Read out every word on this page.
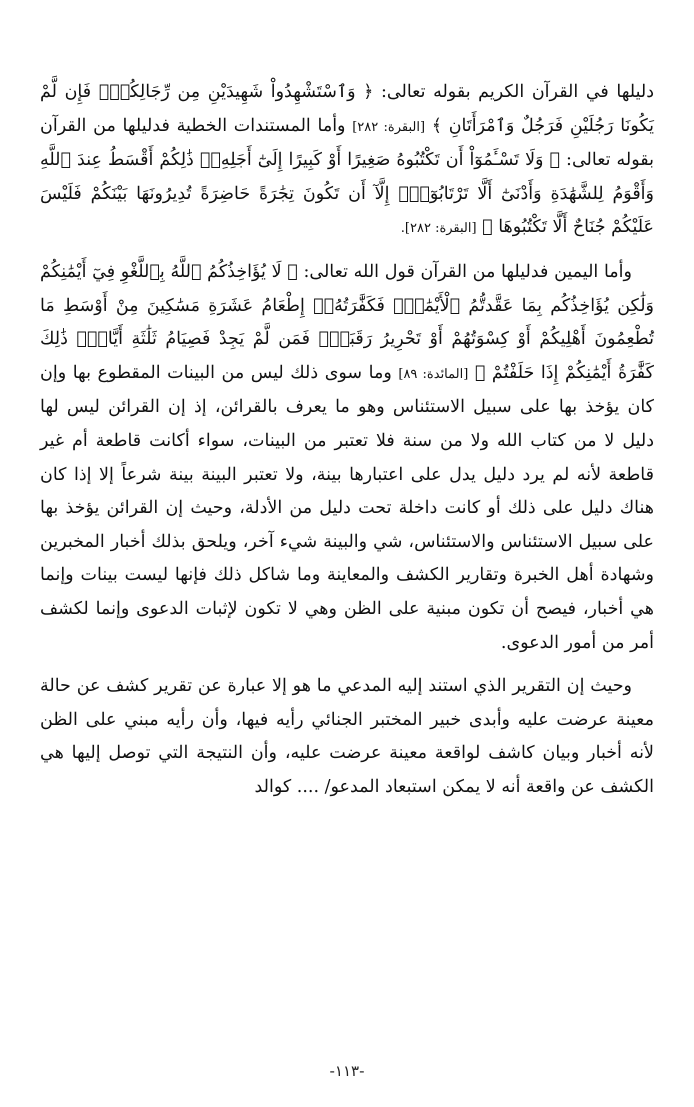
دليلها في القرآن الكريم بقوله تعالى: ﴿ وَٱسْتَشْهِدُواْ شَهِيدَيْنِ مِن رِّجَالِكُمْۖ فَإِن لَّمْ يَكُونَا رَجُلَيْنِ فَرَجُلٌ وَٱمْرَأَتَانِ ﴾ [البقرة: ٢٨٢] وأما المستندات الخطية فدليلها من القرآن بقوله تعالى: ﴿ وَلَا تَسْـَٔمُوٓاْ أَن تَكْتُبُوهُ صَغِيرًا أَوْ كَبِيرًا إِلَىٰٓ أَجَلِهِۦۚ ذَٰلِكُمْ أَقْسَطُ عِندَ ٱللَّهِ وَأَقْوَمُ لِلشَّهَٰدَةِ وَأَدْنَىٰٓ أَلَّا تَرْتَابُوٓاْۖ إِلَّآ أَن تَكُونَ تِجَٰرَةً حَاضِرَةً تُدِيرُونَهَا بَيْنَكُمْ فَلَيْسَ عَلَيْكُمْ جُنَاحٌ أَلَّا تَكْتُبُوهَا ﴾ [البقرة: ٢٨٢].

وأما اليمين فدليلها من القرآن قول الله تعالى: ﴿ لَا يُؤَاخِذُكُمُ ٱللَّهُ بِٱللَّغْوِ فِيٓ أَيْمَٰنِكُمْ وَلَٰكِن يُؤَاخِذُكُم بِمَا عَقَّدتُّمُ ٱلْأَيْمَٰنَۖ فَكَفَّٰرَتُهُۥٓ إِطْعَامُ عَشَرَةِ مَسَٰكِينَ مِنْ أَوْسَطِ مَا تُطْعِمُونَ أَهْلِيكُمْ أَوْ كِسْوَتُهُمْ أَوْ تَحْرِيرُ رَقَبَةٍۖ فَمَن لَّمْ يَجِدْ فَصِيَامُ ثَلَٰثَةِ أَيَّامٍۚ ذَٰلِكَ كَفَّٰرَةُ أَيْمَٰنِكُمْ إِذَا حَلَفْتُمْ ﴾ [المائدة: ٨٩] وما سوى ذلك ليس من البينات المقطوع بها وإن كان يؤخذ بها على سبيل الاستئناس وهو ما يعرف بالقرائن، إذ إن القرائن ليس لها دليل لا من كتاب الله ولا من سنة فلا تعتبر من البينات، سواء أكانت قاطعة أم غير قاطعة لأنه لم يرد دليل يدل على اعتبارها بينة، ولا تعتبر البينة بينة شرعاً إلا إذا كان هناك دليل على ذلك أو كانت داخلة تحت دليل من الأدلة، وحيث إن القرائن يؤخذ بها على سبيل الاستئناس والاستئناس، شي والبينة شيء آخر، ويلحق بذلك أخبار المخبرين وشهادة أهل الخبرة وتقارير الكشف والمعاينة وما شاكل ذلك فإنها ليست بينات وإنما هي أخبار، فيصح أن تكون مبنية على الظن وهي لا تكون لإثبات الدعوى وإنما لكشف أمر من أمور الدعوى.

وحيث إن التقرير الذي استند إليه المدعي ما هو إلا عبارة عن تقرير كشف عن حالة معينة عرضت عليه وأبدى خبير المختبر الجنائي رأيه فيها، وأن رأيه مبني على الظن لأنه أخبار وبيان كاشف لواقعة معينة عرضت عليه، وأن النتيجة التي توصل إليها هي الكشف عن واقعة أنه لا يمكن استبعاد المدعو/ .... كوالد

-١١٣-
